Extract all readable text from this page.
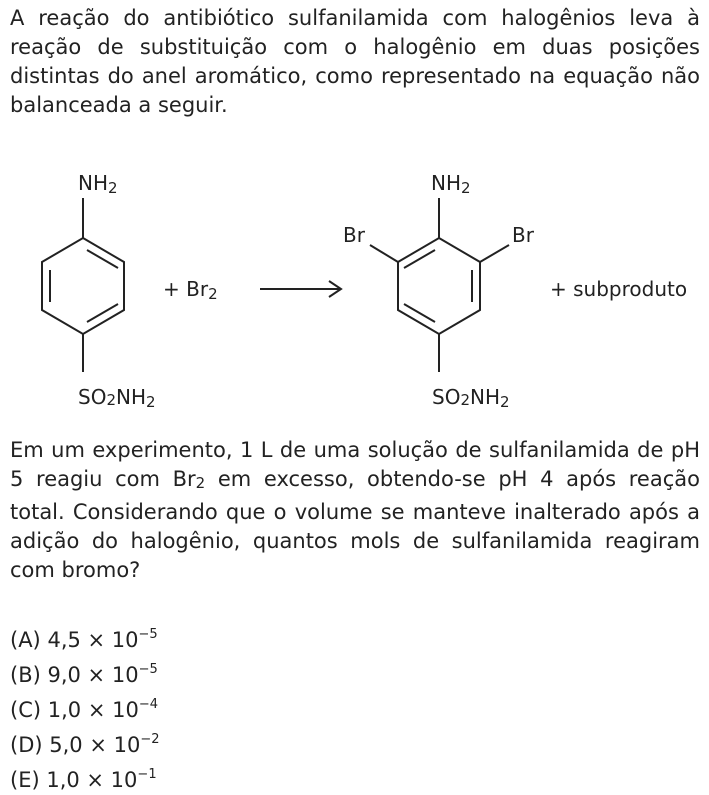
A reação do antibiótico sulfanilamida com halogênios leva à reação de substituição com o halogênio em duas posições distintas do anel aromático, como representado na equação não balanceada a seguir.

NH2
SO2NH2
+ Br2
NH2
Br	Br
SO2NH2
+ subproduto

Em um experimento, 1 L de uma solução de sulfanilamida de pH 5 reagiu com Br2 em excesso, obtendo-se pH 4 após reação total. Considerando que o volume se manteve inalterado após a adição do halogênio, quantos mols de sulfanilamida reagiram com bromo?

(A) $4,5 \times 10^{-5}$
(B) $9,0 \times 10^{-5}$
(C) $1,0 \times 10^{-4}$
(D) $5,0 \times 10^{-2}$
(E) $1,0 \times 10^{-1}$
